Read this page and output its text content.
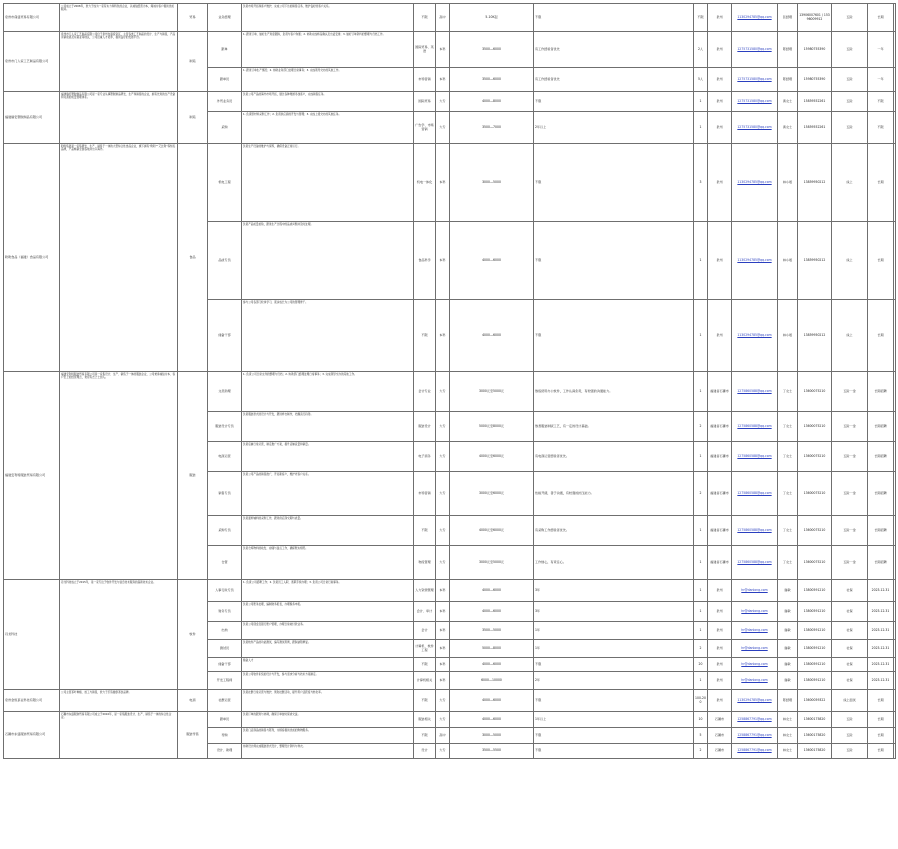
泉州市鼎盛贸易有限公司	公司成立于2008年，致力于成为一家有实力和特色的企业，以诚信经营为本，竭诚为客户提供优质服务。	贸易	业务经理	负责市场开拓和客户维护，完成公司下达的销售任务，维护良好的客户关系。	不限	高中	5-10K起	不限	不限	泉州	1130294785@qq.com	张经理	13906007601 / 15396009912	五险	长期	
泉州市门人家工艺制品有限公司	泉州市门人家工艺制品有限公司位于泉州台商投资区，主营各类工艺制品的设计、生产与销售，产品远销欧美及东南亚等地区，公司注重人才培养，提供良好的发展平台。	制造	跟单	1. 跟进订单，做好生产进度跟踪，负责与客户沟通；2. 协助完成样品确认及出货安排；3. 做好订单资料的整理与归档工作。	国际贸易、英语	本科	3500—6000	有工作经验者优先	2人	泉州	1275731580@qq.com	陈经理	15980755390	五险	一年	
			跟单员	1. 跟进订单生产情况；2. 协助业务部门处理日常事务；3. 完成领导交办的其他工作。	市场营销	本科	3500—6000	有工作经验者优先	5人	泉州	1275731580@qq.com	陈经理	15980755390	五险	一年	
福建瑞宏塑胶制品有限公司	福建瑞宏塑胶制品有限公司是一家专业从事塑胶制品研发、生产和销售的企业，拥有先进的生产设备和完善的质量管理体系。	制造	外贸业务员	负责公司产品的海外市场开拓，通过各种渠道寻找客户，完成销售任务。	国际贸易	大专	4000—8000	不限	1	泉州	1275731580@qq.com	黄女士	15859552261	五险	不限	
			采购	1. 负责原材料采购工作；2. 负责供应商的开发与管理；3. 完成上级交办的其他任务。	广告学、市场营销	大专	3500—7000	2年以上	1	泉州	1275731580@qq.com	黄女士	15859552261	五险	不限	
盼盼食品（福建）食品有限公司	盼盼集团是一家集研发、生产、销售于一体的大型综合性食品企业，旗下拥有“盼盼”“艾比利”等知名品牌，产品畅销全国各地并出口海外。	食品	机电工程	负责生产设备的维护与保养，确保设备正常运行。	机电一体化	本科	3000—5000	不限	3	泉州	1130294785@qq.com	林小姐	13859950212	线上	长期	
			品质专员	负责产品质量检验，跟进生产过程中的品质问题并及时处理。	食品科学	本科	4000—6000	不限	1	泉州	1130294785@qq.com	林小姐	13859950212	线上	长期	
			储备干部	参与公司各部门轮岗学习，逐步成长为公司的管理骨干。	不限	本科	4000—6000	不限	1	泉州	1130294785@qq.com	林小姐	13859950212	线上	长期	
福建安利特服装贸易有限公司	福建安利特服装贸易有限公司是一家集设计、生产、销售于一体的服装企业，公司秉承诚信为本、客户至上的经营理念，欢迎有志之士加入。	服装	文员助理	1. 负责公司日常文件的整理与归档；2. 协助部门经理处理日常事务；3. 完成领导交办的其他工作。	会计专业	大专	3000元至5000元	熟练使用办公软件，工作认真负责，有较强的沟通能力。	1	福建省石狮市	1275860588@qq.com	丁女士	13600075210	五险一金	长期招聘	
			服装设计专员	负责服装款式的设计与开发，跟进样衣制作，把握流行趋势。	服装设计	大专	5000元至8000元	熟悉服装制版工艺，有一定的设计基础。	2	福建省石狮市	1275860588@qq.com	丁女士	13600075210	五险一金	长期招聘	
			电商运营	负责店铺日常运营，制定推广方案，提升店铺流量和销量。	电子商务	大专	4000元至6000元	有电商运营经验者优先。	1	福建省石狮市	1275860588@qq.com	丁女士	13600075210	五险一金	长期招聘	
			销售专员	负责公司产品的销售推广，开拓新客户，维护老客户关系。	市场营销	大专	3000元至6000元	性格开朗，善于沟通，有较强的抗压能力。	2	福建省石狮市	1275860588@qq.com	丁女士	13600075210	五险一金	长期招聘	
			采购专员	负责面料辅料的采购工作，跟进供应商交期与质量。	不限	大专	4000元至6000元	有采购工作经验者优先。	1	福建省石狮市	1275860588@qq.com	丁女士	13600075210	五险一金	长期招聘	
			仓管	负责仓库物料的收发、存储与盘点工作，确保账实相符。	物流管理	大专	3000元至5000元	工作细心，有责任心。	1	福建省石狮市	1275860588@qq.com	丁女士	13600075210	五险一金	长期招聘	
丹龙科技	丹龙科技成立于2015年，是一家专注于软件开发与信息技术服务的高新技术企业。	软件	人事行政专员	1. 负责公司招聘工作；2. 负责员工入职、离职手续办理；3. 负责公司日常行政事务。	人力资源管理	本科	4000—6000	3年	1	泉州	hr@danlong.com	谢敏	13800591210	社保	2023.12.31	
			财务专员	负责公司账务处理，编制财务报表，办理税务申报。	会计、审计	本科	4000—6000	3年	1	泉州	hr@danlong.com	谢敏	13800591210	社保	2023.12.31	
			出纳	负责公司现金及银行账户管理，办理日常收付款业务。	会计	本科	3500—5000	1年	1	泉州	hr@danlong.com	谢敏	13800591210	社保	2023.12.31	
			测试员	负责软件产品的功能测试，编写测试用例，跟踪缺陷修复。	计算机、软件工程	本科	5000—8000	1年	2	泉州	hr@danlong.com	谢敏	13800591210	社保	2023.12.31	
			储备干部	储备人才	不限	本科	4000—6000	不限	20	泉州	hr@danlong.com	谢敏	13800591210	社保	2023.12.31	
			开发工程师	负责公司软件系统的设计与开发，参与需求分析与技术方案制定。	计算机相关	本科	6000—10000	2年	1	泉州	hr@danlong.com	谢敏	13800591210	社保	2023.12.31	
泉州金悦茶业科技有限公司	公司主营茶叶种植、加工与销售，致力于打造健康茶饮品牌。	电商	社群运营	负责社群日常运营与维护，策划社群活动，提升用户活跃度与转化率。	不限	大专	4000—6000	不限	100-200	泉州	1130294785@qq.com	陈经理	13600059322	线上面试	长期	
石狮市东盛服饰贸易有限公司	石狮市东盛服饰贸易有限公司成立于2010年，是一家集服装设计、生产、销售于一体的综合性企业。	服装零售	跟单员	负责订单的跟进与协调，确保订单按时保质交货。	服装相关	大专	4000—6000	1年以上	10	石狮市	1258867791@qq.com	林女士	13600175820	五险	长期	
			导购	负责门店商品的销售与陈列，为顾客提供优质的购物服务。	不限	高中	3000—5000	不限	5	石狮市	1258867791@qq.com	林女士	13600175820	五险	长期	
			设计、助理	协助设计师完成服装款式设计，整理设计资料与样衣。	设计	大专	3500—5500	不限	2	石狮市	1258867791@qq.com	林女士	13600175820	五险	长期	
